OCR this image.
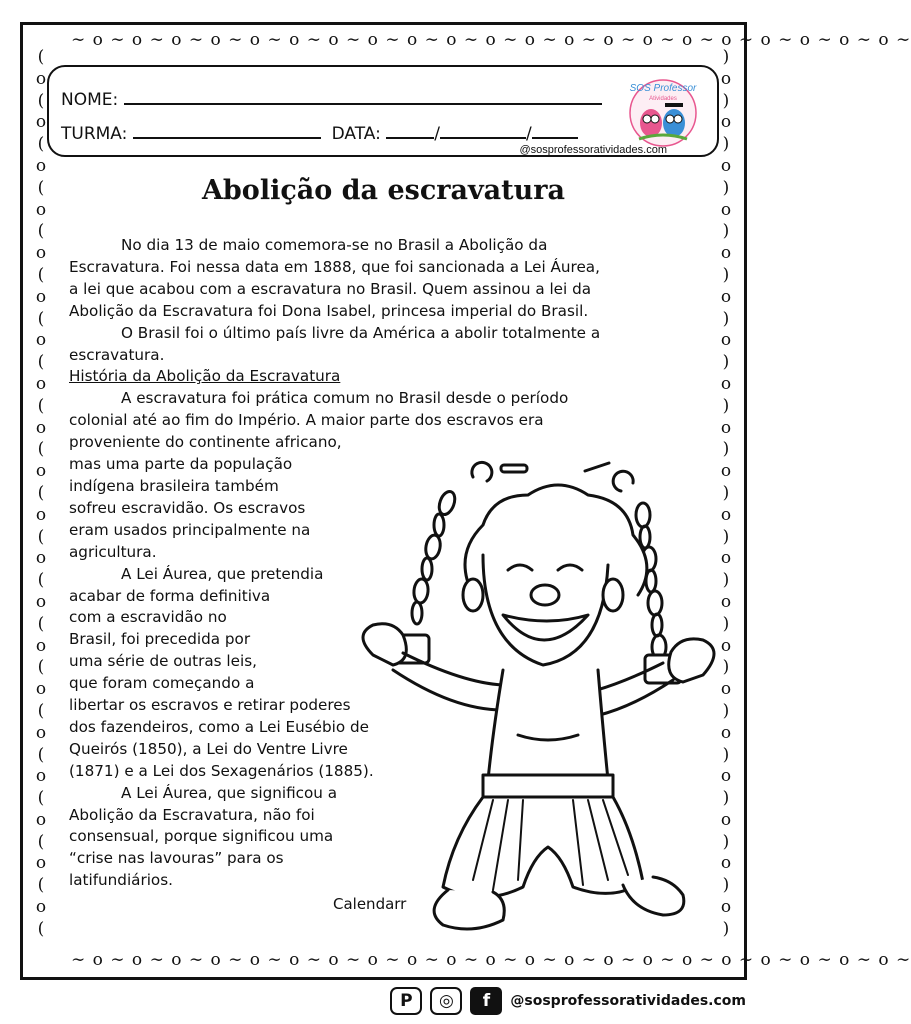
∼ o ∼ o ∼ o ∼ o ∼ o ∼ o ∼ o ∼ o ∼ o ∼ o ∼ o ∼ o ∼ o ∼ o ∼ o ∼ o ∼ o ∼ o ∼ o ∼ o ∼ o ∼
∼ o ∼ o ∼ o ∼ o ∼ o ∼ o ∼ o ∼ o ∼ o ∼ o ∼ o ∼ o ∼ o ∼ o ∼ o ∼ o ∼ o ∼ o ∼ o ∼ o ∼ o ∼
(
o
(
o
(
o
(
o
(
o
(
o
(
o
(
o
(
o
(
o
(
o
(
o
(
o
(
o
(
o
(
o
(
o
(
o
(
o
(
o
(
)
o
)
o
)
o
)
o
)
o
)
o
)
o
)
o
)
o
)
o
)
o
)
o
)
o
)
o
)
o
)
o
)
o
)
o
)
o
)
o
)
NOME:
TURMA:	DATA:	/	/
@sosprofessoratividades.com
SOS Professor
Atividades
Abolição da escravatura
No dia 13 de maio comemora-se no Brasil a Abolição da
Escravatura. Foi nessa data em 1888, que foi sancionada a Lei Áurea,
a lei que acabou com a escravatura no Brasil. Quem assinou a lei da
Abolição da Escravatura foi Dona Isabel, princesa imperial do Brasil.
O Brasil foi o último país livre da América a abolir totalmente a
escravatura.
História da Abolição da Escravatura
A escravatura foi prática comum no Brasil desde o período
colonial até ao fim do Império. A maior parte dos escravos era
proveniente do continente africano,
mas uma parte da população
indígena brasileira também
sofreu escravidão. Os escravos
eram usados principalmente na
agricultura.
A Lei Áurea, que pretendia
acabar de forma definitiva
com a escravidão no
Brasil, foi precedida por
uma série de outras leis,
que foram começando a
libertar os escravos e retirar poderes
dos fazendeiros, como a Lei Eusébio de
Queirós (1850), a Lei do Ventre Livre
(1871) e a Lei dos Sexagenários (1885).
A Lei Áurea, que significou a
Abolição da Escravatura, não foi
consensual, porque significou uma
“crise nas lavouras” para os
latifundiários.
Calendarr
P	◎	f	@sosprofessoratividades.com
